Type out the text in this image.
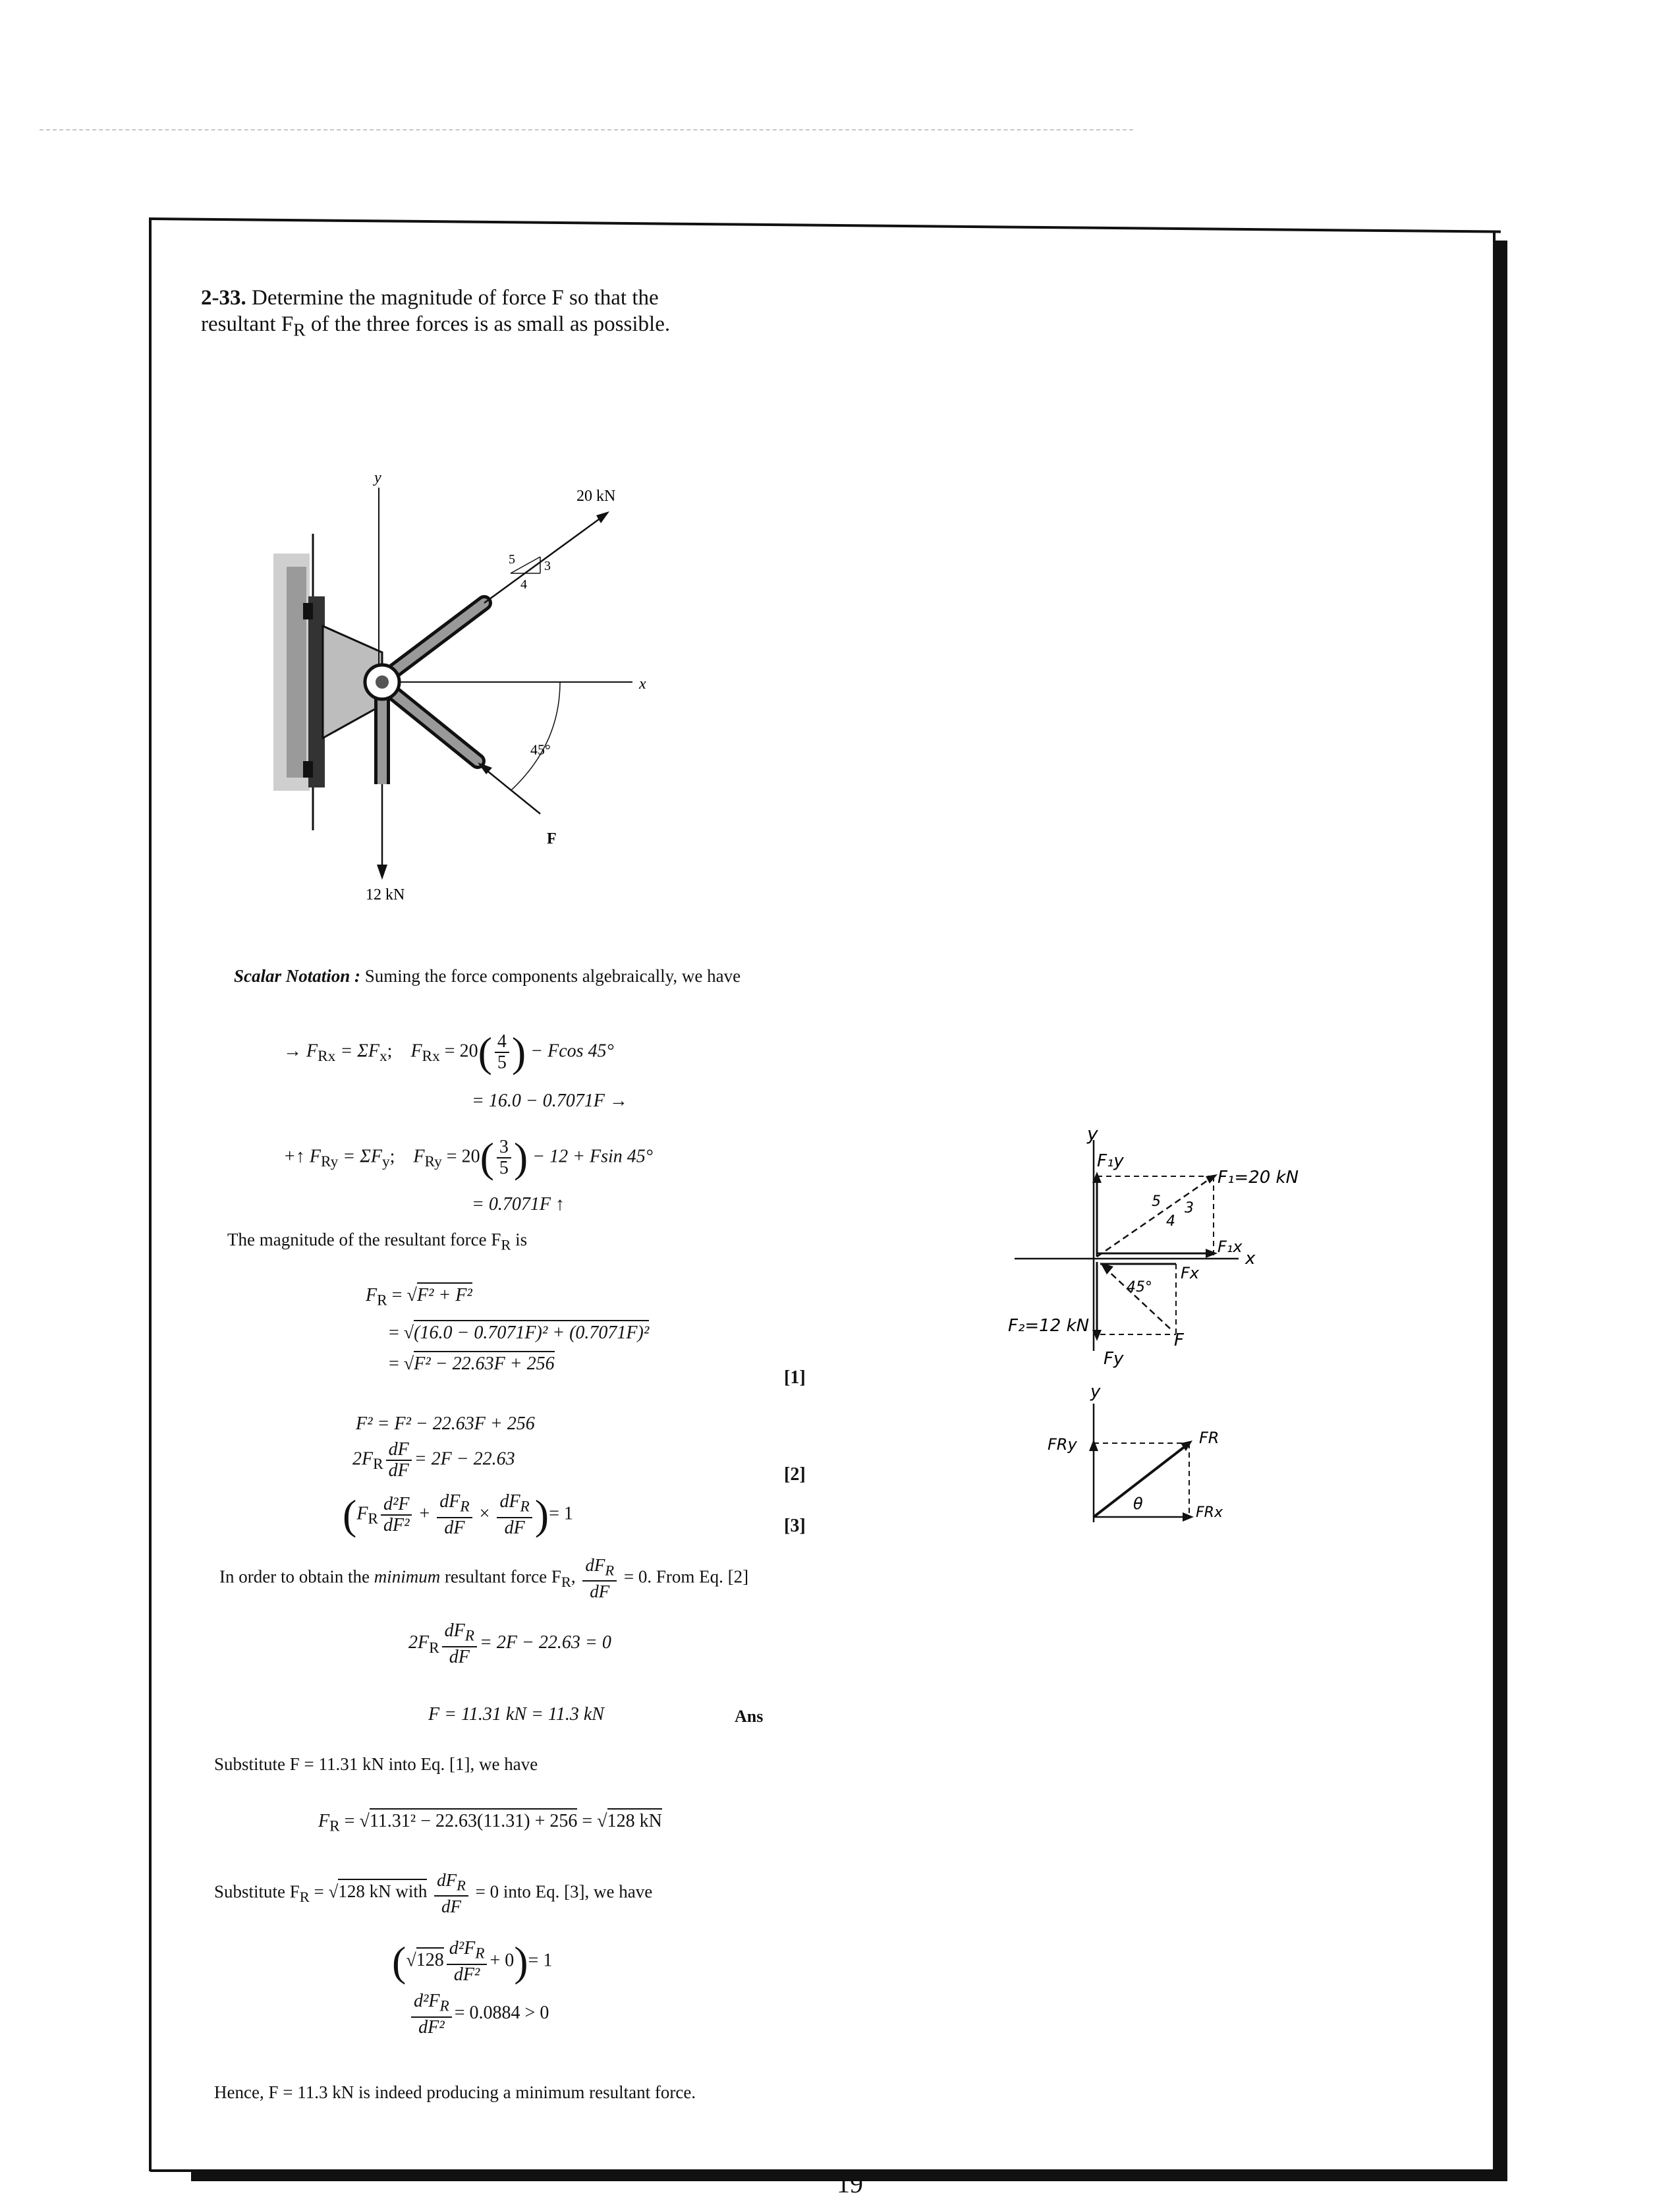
2-33. Determine the magnitude of force F so that the
resultant $F_R$ of the three forces is as small as possible.
y
x
20 kN
5 3
4
F
45°
12 kN
Scalar Notation : Suming the force components algebraically, we have
→ $F_{Rx} = \Sigma F_x$;    $F_{Rx} = 20( \frac{4}{5}$ ) − Fcos 45°
= 16.0 − 0.7071F →
+↑ $F_{Ry} = \Sigma F_y$;    $F_{Ry} = 20( \frac{3}{5}$ ) − 12 + Fsin 45°
= 0.7071F ↑
The magnitude of the resultant force $F_R$ is
$F_R = √F^2 + F^2$
= √(16.0 − 0.7071F)² + (0.7071F)²
= √F² − 22.63F + 256
[1]
F² = F² − 22.63F + 256
$2F_R \frac{dF}{dF} = 2F - 22.63$
[2]
($F_R \frac{\text{d²F}}{\text{dF²}} + \frac{dF_R}{dF} \times \frac{dF_R}{dF}$ )= 1
[3]
In order to obtain the minimum resultant force $F_R$, $\frac{dF_R}{dF} = 0$. From Eq. [2]
$2F_R \frac{dF_R}{dF} = 2F - 22.63 = 0$
F = 11.31 kN = 11.3 kN	Ans
Substitute F = 11.31 kN into Eq. [1], we have
$F_R = √11.31^2 - 22.63(11.31) + 256 = √128$ kN
Substitute $F_R = √128$ kN with $\frac{dF_R}{dF} = 0$ into Eq. [3], we have
$(√128 \frac{d^2F_R}{\text{dF²}} + 0)= 1$
$\frac{d^2F_R}{\text{dF²}} = 0.0884 > 0$
Hence, F = 11.3 kN is indeed producing a minimum resultant force.
y
x
F₁y
F₁=20 kN
5 3
4
F₁x
45°
Fx
F
F₂=12 kN
Fy
y
FRy	FR
θ	FRx
19
